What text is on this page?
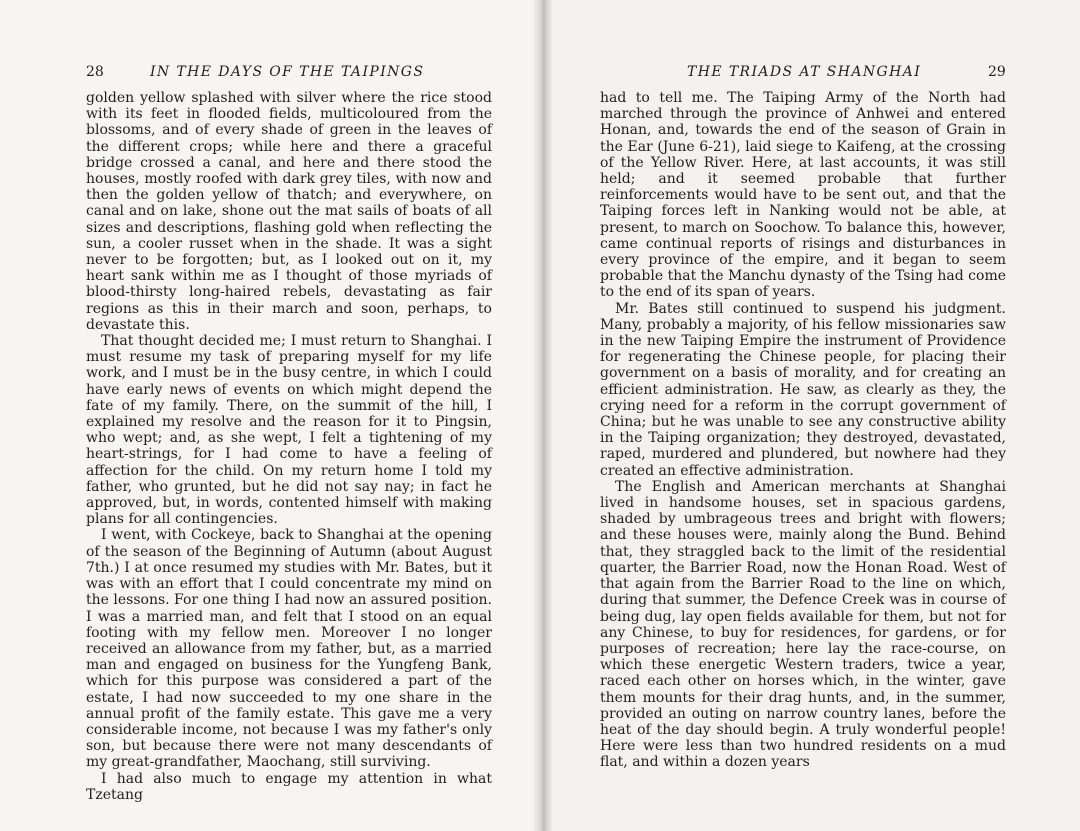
28	IN THE DAYS OF THE TAIPINGS

golden yellow splashed with silver where the rice stood with its feet in flooded fields, multicoloured from the blossoms, and of every shade of green in the leaves of the different crops; while here and there a graceful bridge crossed a canal, and here and there stood the houses, mostly roofed with dark grey tiles, with now and then the golden yellow of thatch; and everywhere, on canal and on lake, shone out the mat sails of boats of all sizes and descriptions, flashing gold when reflecting the sun, a cooler russet when in the shade. It was a sight never to be forgotten; but, as I looked out on it, my heart sank within me as I thought of those myriads of blood-thirsty long-haired rebels, devastating as fair regions as this in their march and soon, perhaps, to devastate this.

That thought decided me; I must return to Shanghai. I must resume my task of preparing myself for my life work, and I must be in the busy centre, in which I could have early news of events on which might depend the fate of my family. There, on the summit of the hill, I explained my resolve and the reason for it to Pingsin, who wept; and, as she wept, I felt a tightening of my heart-strings, for I had come to have a feeling of affection for the child. On my return home I told my father, who grunted, but he did not say nay; in fact he approved, but, in words, contented himself with making plans for all contingencies.

I went, with Cockeye, back to Shanghai at the opening of the season of the Beginning of Autumn (about August 7th.) I at once resumed my studies with Mr. Bates, but it was with an effort that I could concentrate my mind on the lessons. For one thing I had now an assured position. I was a married man, and felt that I stood on an equal footing with my fellow men. Moreover I no longer received an allowance from my father, but, as a married man and engaged on business for the Yungfeng Bank, which for this purpose was considered a part of the estate, I had now succeeded to my one share in the annual profit of the family estate. This gave me a very considerable income, not because I was my father's only son, but because there were not many descendants of my great-grandfather, Maochang, still surviving.

I had also much to engage my attention in what Tzetang

THE TRIADS AT SHANGHAI	29

had to tell me. The Taiping Army of the North had marched through the province of Anhwei and entered Honan, and, towards the end of the season of Grain in the Ear (June 6-21), laid siege to Kaifeng, at the crossing of the Yellow River. Here, at last accounts, it was still held; and it seemed probable that further reinforcements would have to be sent out, and that the Taiping forces left in Nanking would not be able, at present, to march on Soochow. To balance this, however, came continual reports of risings and disturbances in every province of the empire, and it began to seem probable that the Manchu dynasty of the Tsing had come to the end of its span of years.

Mr. Bates still continued to suspend his judgment. Many, probably a majority, of his fellow missionaries saw in the new Taiping Empire the instrument of Providence for regenerating the Chinese people, for placing their government on a basis of morality, and for creating an efficient administration. He saw, as clearly as they, the crying need for a reform in the corrupt government of China; but he was unable to see any constructive ability in the Taiping organization; they destroyed, devastated, raped, murdered and plundered, but nowhere had they created an effective administration.

The English and American merchants at Shanghai lived in handsome houses, set in spacious gardens, shaded by umbrageous trees and bright with flowers; and these houses were, mainly along the Bund. Behind that, they straggled back to the limit of the residential quarter, the Barrier Road, now the Honan Road. West of that again from the Barrier Road to the line on which, during that summer, the Defence Creek was in course of being dug, lay open fields available for them, but not for any Chinese, to buy for residences, for gardens, or for purposes of recreation; here lay the race-course, on which these energetic Western traders, twice a year, raced each other on horses which, in the winter, gave them mounts for their drag hunts, and, in the summer, provided an outing on narrow country lanes, before the heat of the day should begin. A truly wonderful people! Here were less than two hundred residents on a mud flat, and within a dozen years
